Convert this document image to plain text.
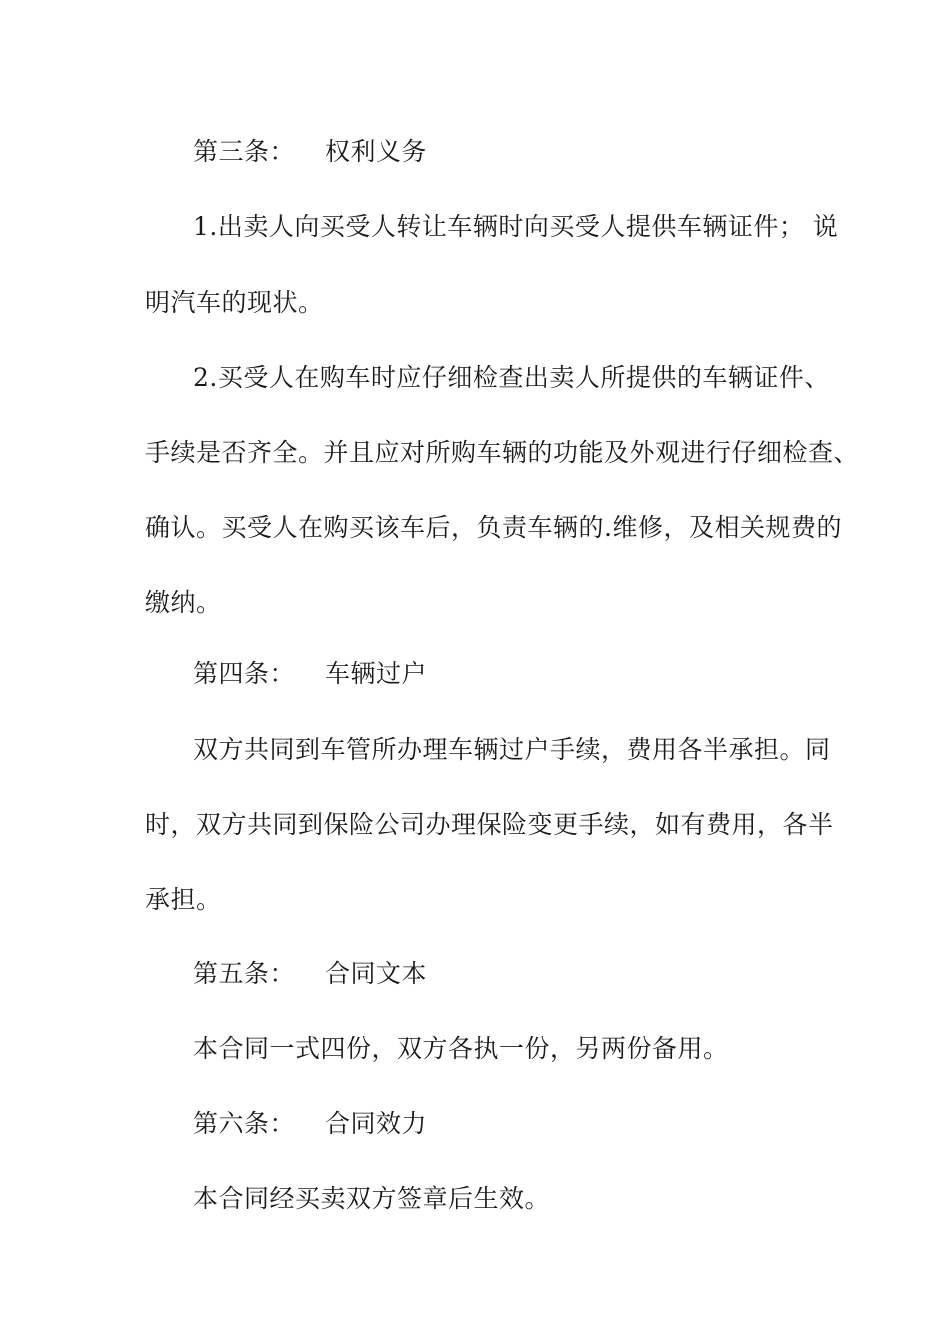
第三条： 权利义务
1.出卖人向买受人转让车辆时向买受人提供车辆证件； 说
明汽车的现状。
2.买受人在购车时应仔细检查出卖人所提供的车辆证件、
手续是否齐全。并且应对所购车辆的功能及外观进行仔细检查、
确认。买受人在购买该车后，负责车辆的.维修，及相关规费的
缴纳。
第四条： 车辆过户
双方共同到车管所办理车辆过户手续，费用各半承担。同
时，双方共同到保险公司办理保险变更手续，如有费用，各半
承担。
第五条： 合同文本
本合同一式四份，双方各执一份，另两份备用。
第六条： 合同效力
本合同经买卖双方签章后生效。
